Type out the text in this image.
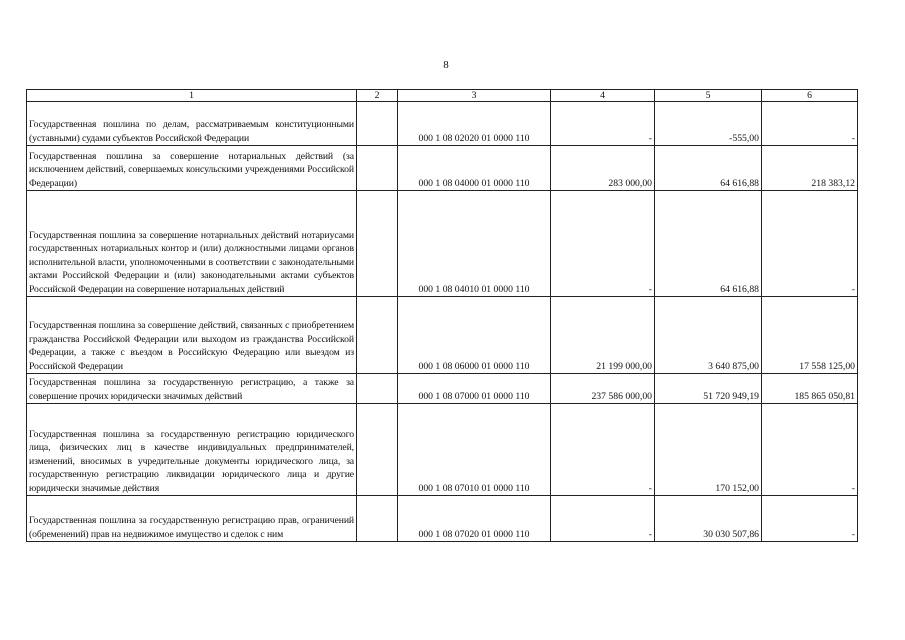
8
1	2	3	4	5	6
Государственная пошлина по делам, рассматриваемым конституционными (уставными) судами субъектов Российской Федерации		000 1 08 02020 01 0000 110	-	-555,00	-
Государственная пошлина за совершение нотариальных действий (за исключением действий, совершаемых консульскими учреждениями Российской Федерации)		000 1 08 04000 01 0000 110	283 000,00	64 616,88	218 383,12
Государственная пошлина за совершение нотариальных действий нотариусами государственных нотариальных контор и (или) должностными лицами органов исполнительной власти, уполномоченными в соответствии с законодательными актами Российской Федерации и (или) законодательными актами субъектов Российской Федерации на совершение нотариальных действий		000 1 08 04010 01 0000 110	-	64 616,88	-
Государственная пошлина за совершение действий, связанных с приобретением гражданства Российской Федерации или выходом из гражданства Российской Федерации, а также с въездом в Российскую Федерацию или выездом из Российской Федерации		000 1 08 06000 01 0000 110	21 199 000,00	3 640 875,00	17 558 125,00
Государственная пошлина за государственную регистрацию, а также за совершение прочих юридически значимых действий		000 1 08 07000 01 0000 110	237 586 000,00	51 720 949,19	185 865 050,81
Государственная пошлина за государственную регистрацию юридического лица, физических лиц в качестве индивидуальных предпринимателей, изменений, вносимых в учредительные документы юридического лица, за государственную регистрацию ликвидации юридического лица и другие юридически значимые действия		000 1 08 07010 01 0000 110	-	170 152,00	-
Государственная пошлина за государственную регистрацию прав, ограничений (обременений) прав на недвижимое имущество и сделок с ним		000 1 08 07020 01 0000 110	-	30 030 507,86	-
